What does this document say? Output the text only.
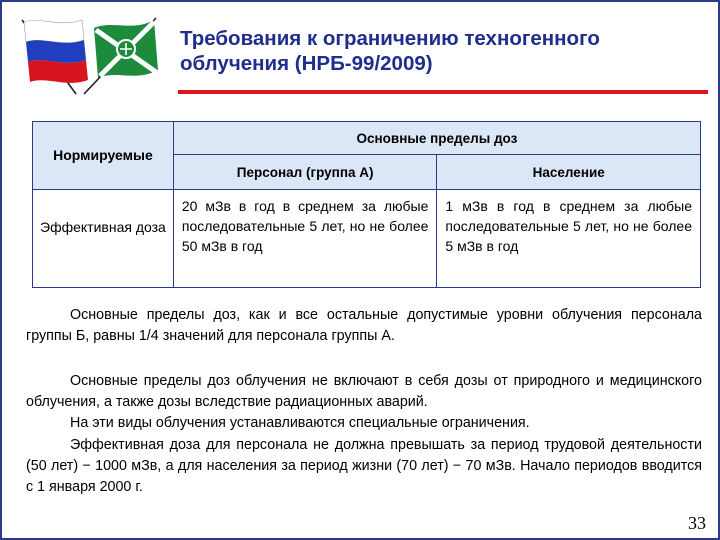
Требования к ограничению техногенного облучения (НРБ-99/2009)
Нормируемые	Основные пределы доз	
	Персонал (группа А)	Население

Эффективная доза	20 мЗв в год в среднем за любые последовательные 5 лет, но не более 50 мЗв в год	1 мЗв в год в среднем за любые последовательные 5 лет, но не более 5 мЗв в год

Основные пределы доз, как и все остальные допустимые уровни облучения персонала группы Б, равны 1/4 значений для персонала группы А.

Основные пределы доз облучения не включают в себя дозы от природного и медицинского облучения, а также дозы вследствие радиационных аварий.

На эти виды облучения устанавливаются специальные ограничения.

Эффективная доза для персонала не должна превышать за период трудовой деятельности (50 лет) − 1000 мЗв, а для населения за период жизни (70 лет) − 70 мЗв. Начало периодов вводится с 1 января 2000 г.

33
